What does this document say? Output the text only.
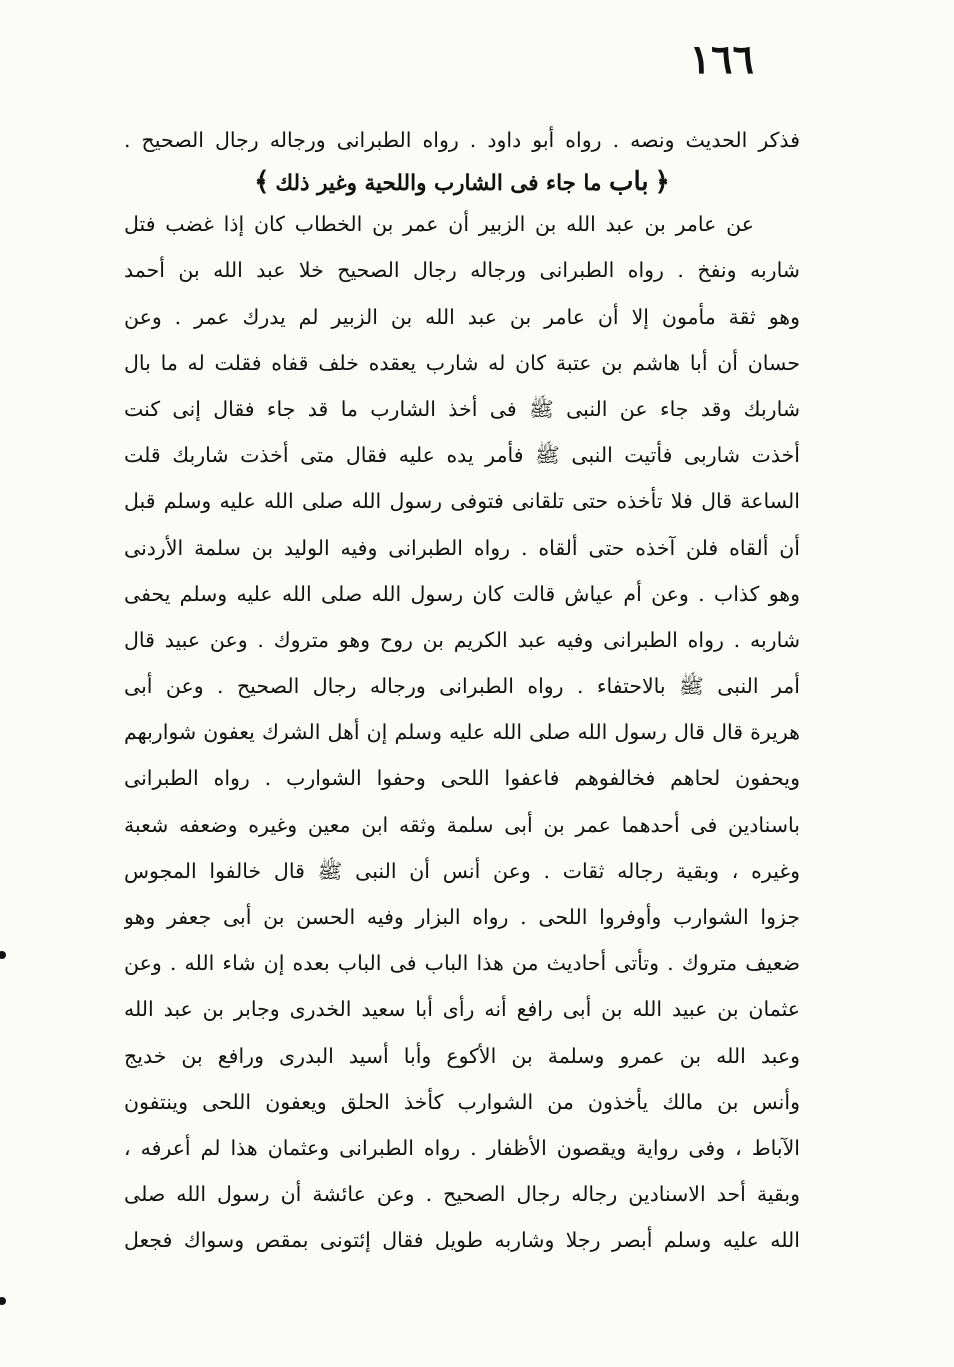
١٦٦
فذكر الحديث ونصه . رواه أبو داود . رواه الطبرانى ورجاله رجال الصحيح .
﴿باب ما جاء فى الشارب واللحية وغير ذلك﴾
عن عامر بن عبد الله بن الزبير أن عمر بن الخطاب كان إذا غضب فتل
شاربه ونفخ . رواه الطبرانى ورجاله رجال الصحيح خلا عبد الله بن أحمد
وهو ثقة مأمون إلا أن عامر بن عبد الله بن الزبير لم يدرك عمر . وعن
حسان أن أبا هاشم بن عتبة كان له شارب يعقده خلف قفاه فقلت له ما بال
شاربك وقد جاء عن النبى ﷺ فى أخذ الشارب ما قد جاء فقال إنى كنت
أخذت شاربى فأتيت النبى ﷺ فأمر يده عليه فقال متى أخذت شاربك قلت
الساعة قال فلا تأخذه حتى تلقانى فتوفى رسول الله صلى الله عليه وسلم قبل
أن ألقاه فلن آخذه حتى ألقاه . رواه الطبرانى وفيه الوليد بن سلمة الأردنى
وهو كذاب . وعن أم عياش قالت كان رسول الله صلى الله عليه وسلم يحفى
شاربه . رواه الطبرانى وفيه عبد الكريم بن روح وهو متروك . وعن عبيد قال
أمر النبى ﷺ بالاحتفاء . رواه الطبرانى ورجاله رجال الصحيح . وعن أبى
هريرة قال قال رسول الله صلى الله عليه وسلم إن أهل الشرك يعفون شواربهم
ويحفون لحاهم فخالفوهم فاعفوا اللحى وحفوا الشوارب . رواه الطبرانى
باسنادين فى أحدهما عمر بن أبى سلمة وثقه ابن معين وغيره وضعفه شعبة
وغيره ، وبقية رجاله ثقات . وعن أنس أن النبى ﷺ قال خالفوا المجوس
جزوا الشوارب وأوفروا اللحى . رواه البزار وفيه الحسن بن أبى جعفر وهو
ضعيف متروك . وتأتى أحاديث من هذا الباب فى الباب بعده إن شاء الله . وعن
عثمان بن عبيد الله بن أبى رافع أنه رأى أبا سعيد الخدرى وجابر بن عبد الله
وعبد الله بن عمرو وسلمة بن الأكوع وأبا أسيد البدرى ورافع بن خديج
وأنس بن مالك يأخذون من الشوارب كأخذ الحلق ويعفون اللحى وينتفون
الآباط ، وفى رواية ويقصون الأظفار . رواه الطبرانى وعثمان هذا لم أعرفه ،
وبقية أحد الاسنادين رجاله رجال الصحيح . وعن عائشة أن رسول الله صلى
الله عليه وسلم أبصر رجلا وشاربه طويل فقال إئتونى بمقص وسواك فجعل
